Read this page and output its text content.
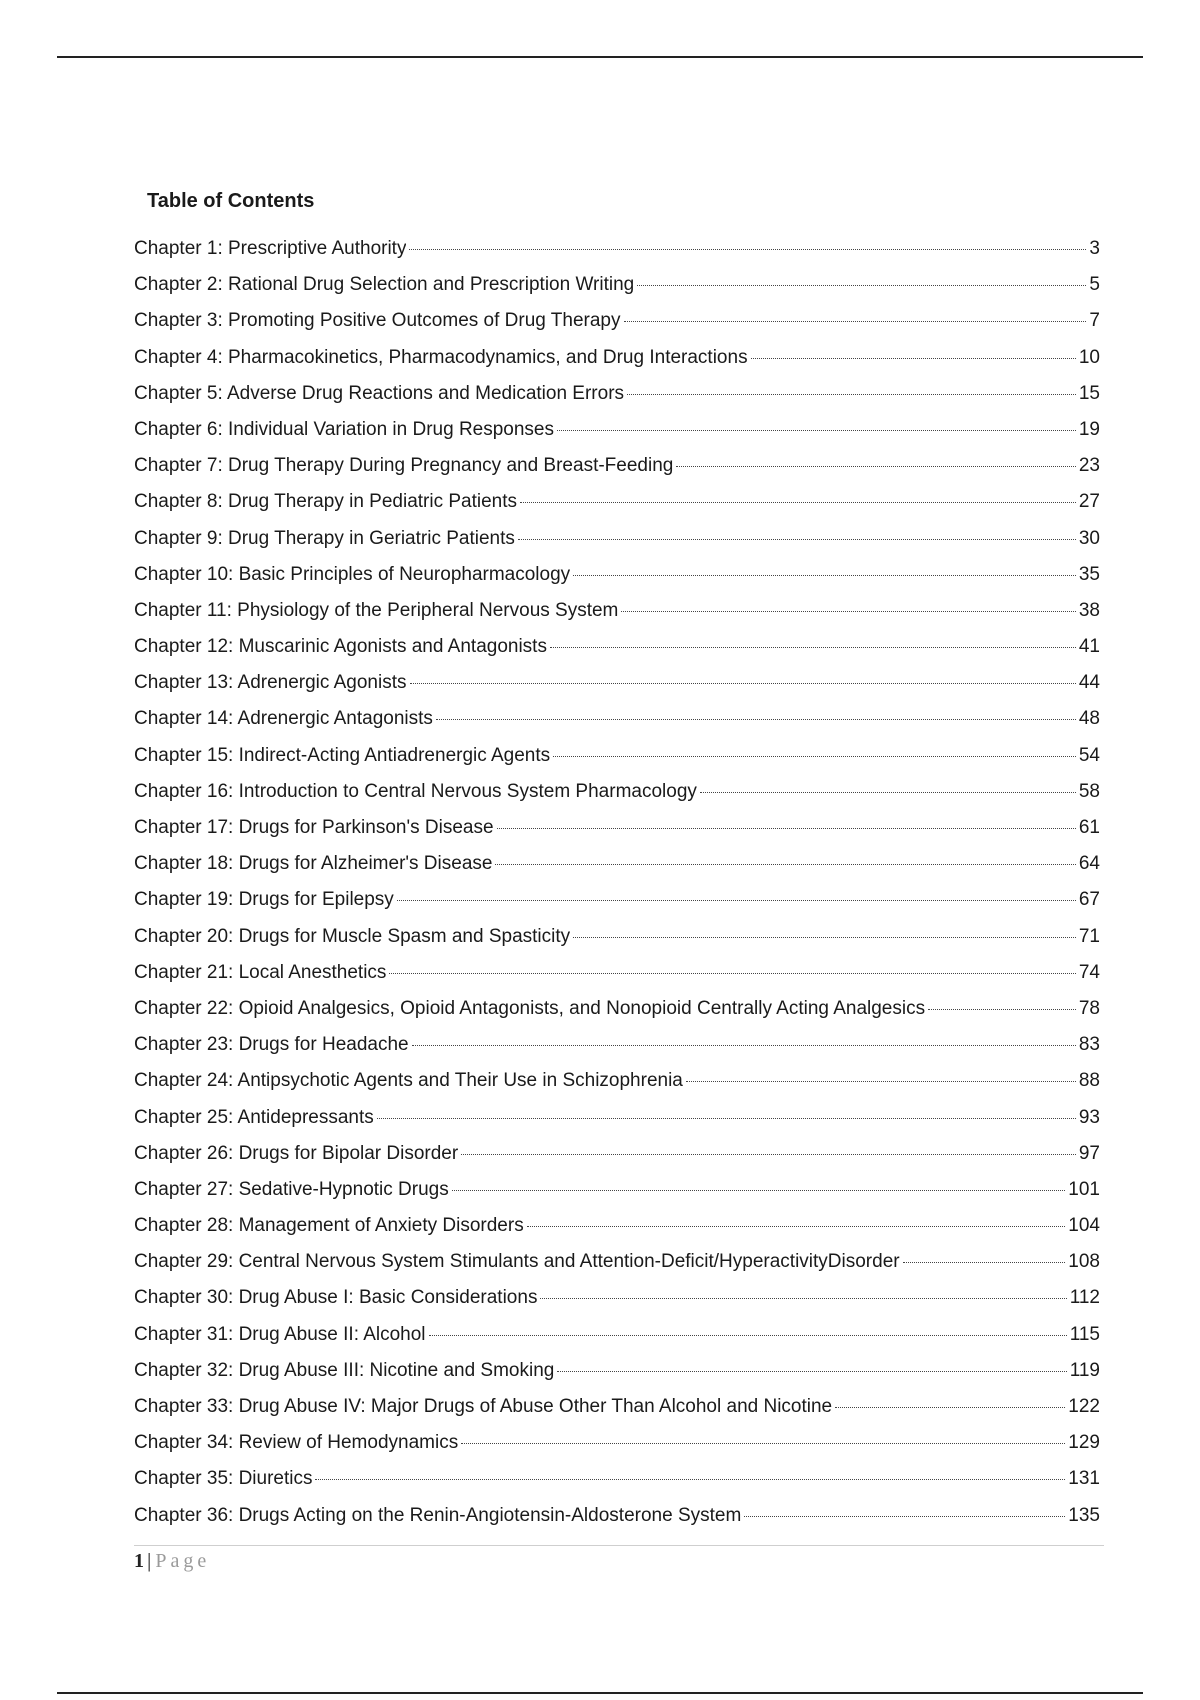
Table of Contents
Chapter 1: Prescriptive Authority	3
Chapter 2: Rational Drug Selection and Prescription Writing	5
Chapter 3: Promoting Positive Outcomes of Drug Therapy	7
Chapter 4: Pharmacokinetics, Pharmacodynamics, and Drug Interactions	10
Chapter 5: Adverse Drug Reactions and Medication Errors	15
Chapter 6: Individual Variation in Drug Responses	19
Chapter 7: Drug Therapy During Pregnancy and Breast-Feeding	23
Chapter 8: Drug Therapy in Pediatric Patients	27
Chapter 9: Drug Therapy in Geriatric Patients	30
Chapter 10: Basic Principles of Neuropharmacology	35
Chapter 11: Physiology of the Peripheral Nervous System	38
Chapter 12: Muscarinic Agonists and Antagonists	41
Chapter 13: Adrenergic Agonists	44
Chapter 14: Adrenergic Antagonists	48
Chapter 15: Indirect-Acting Antiadrenergic Agents	54
Chapter 16: Introduction to Central Nervous System Pharmacology	58
Chapter 17: Drugs for Parkinson's Disease	61
Chapter 18: Drugs for Alzheimer's Disease	64
Chapter 19: Drugs for Epilepsy	67
Chapter 20: Drugs for Muscle Spasm and Spasticity	71
Chapter 21: Local Anesthetics	74
Chapter 22: Opioid Analgesics, Opioid Antagonists, and Nonopioid Centrally Acting Analgesics	78
Chapter 23: Drugs for Headache	83
Chapter 24: Antipsychotic Agents and Their Use in Schizophrenia	88
Chapter 25: Antidepressants	93
Chapter 26: Drugs for Bipolar Disorder	97
Chapter 27: Sedative-Hypnotic Drugs	101
Chapter 28: Management of Anxiety Disorders	104
Chapter 29: Central Nervous System Stimulants and Attention-Deficit/HyperactivityDisorder	108
Chapter 30: Drug Abuse I: Basic Considerations	112
Chapter 31: Drug Abuse II: Alcohol	115
Chapter 32: Drug Abuse III: Nicotine and Smoking	119
Chapter 33: Drug Abuse IV: Major Drugs of Abuse Other Than Alcohol and Nicotine	122
Chapter 34: Review of Hemodynamics	129
Chapter 35: Diuretics	131
Chapter 36: Drugs Acting on the Renin-Angiotensin-Aldosterone System	135
1 | Page
